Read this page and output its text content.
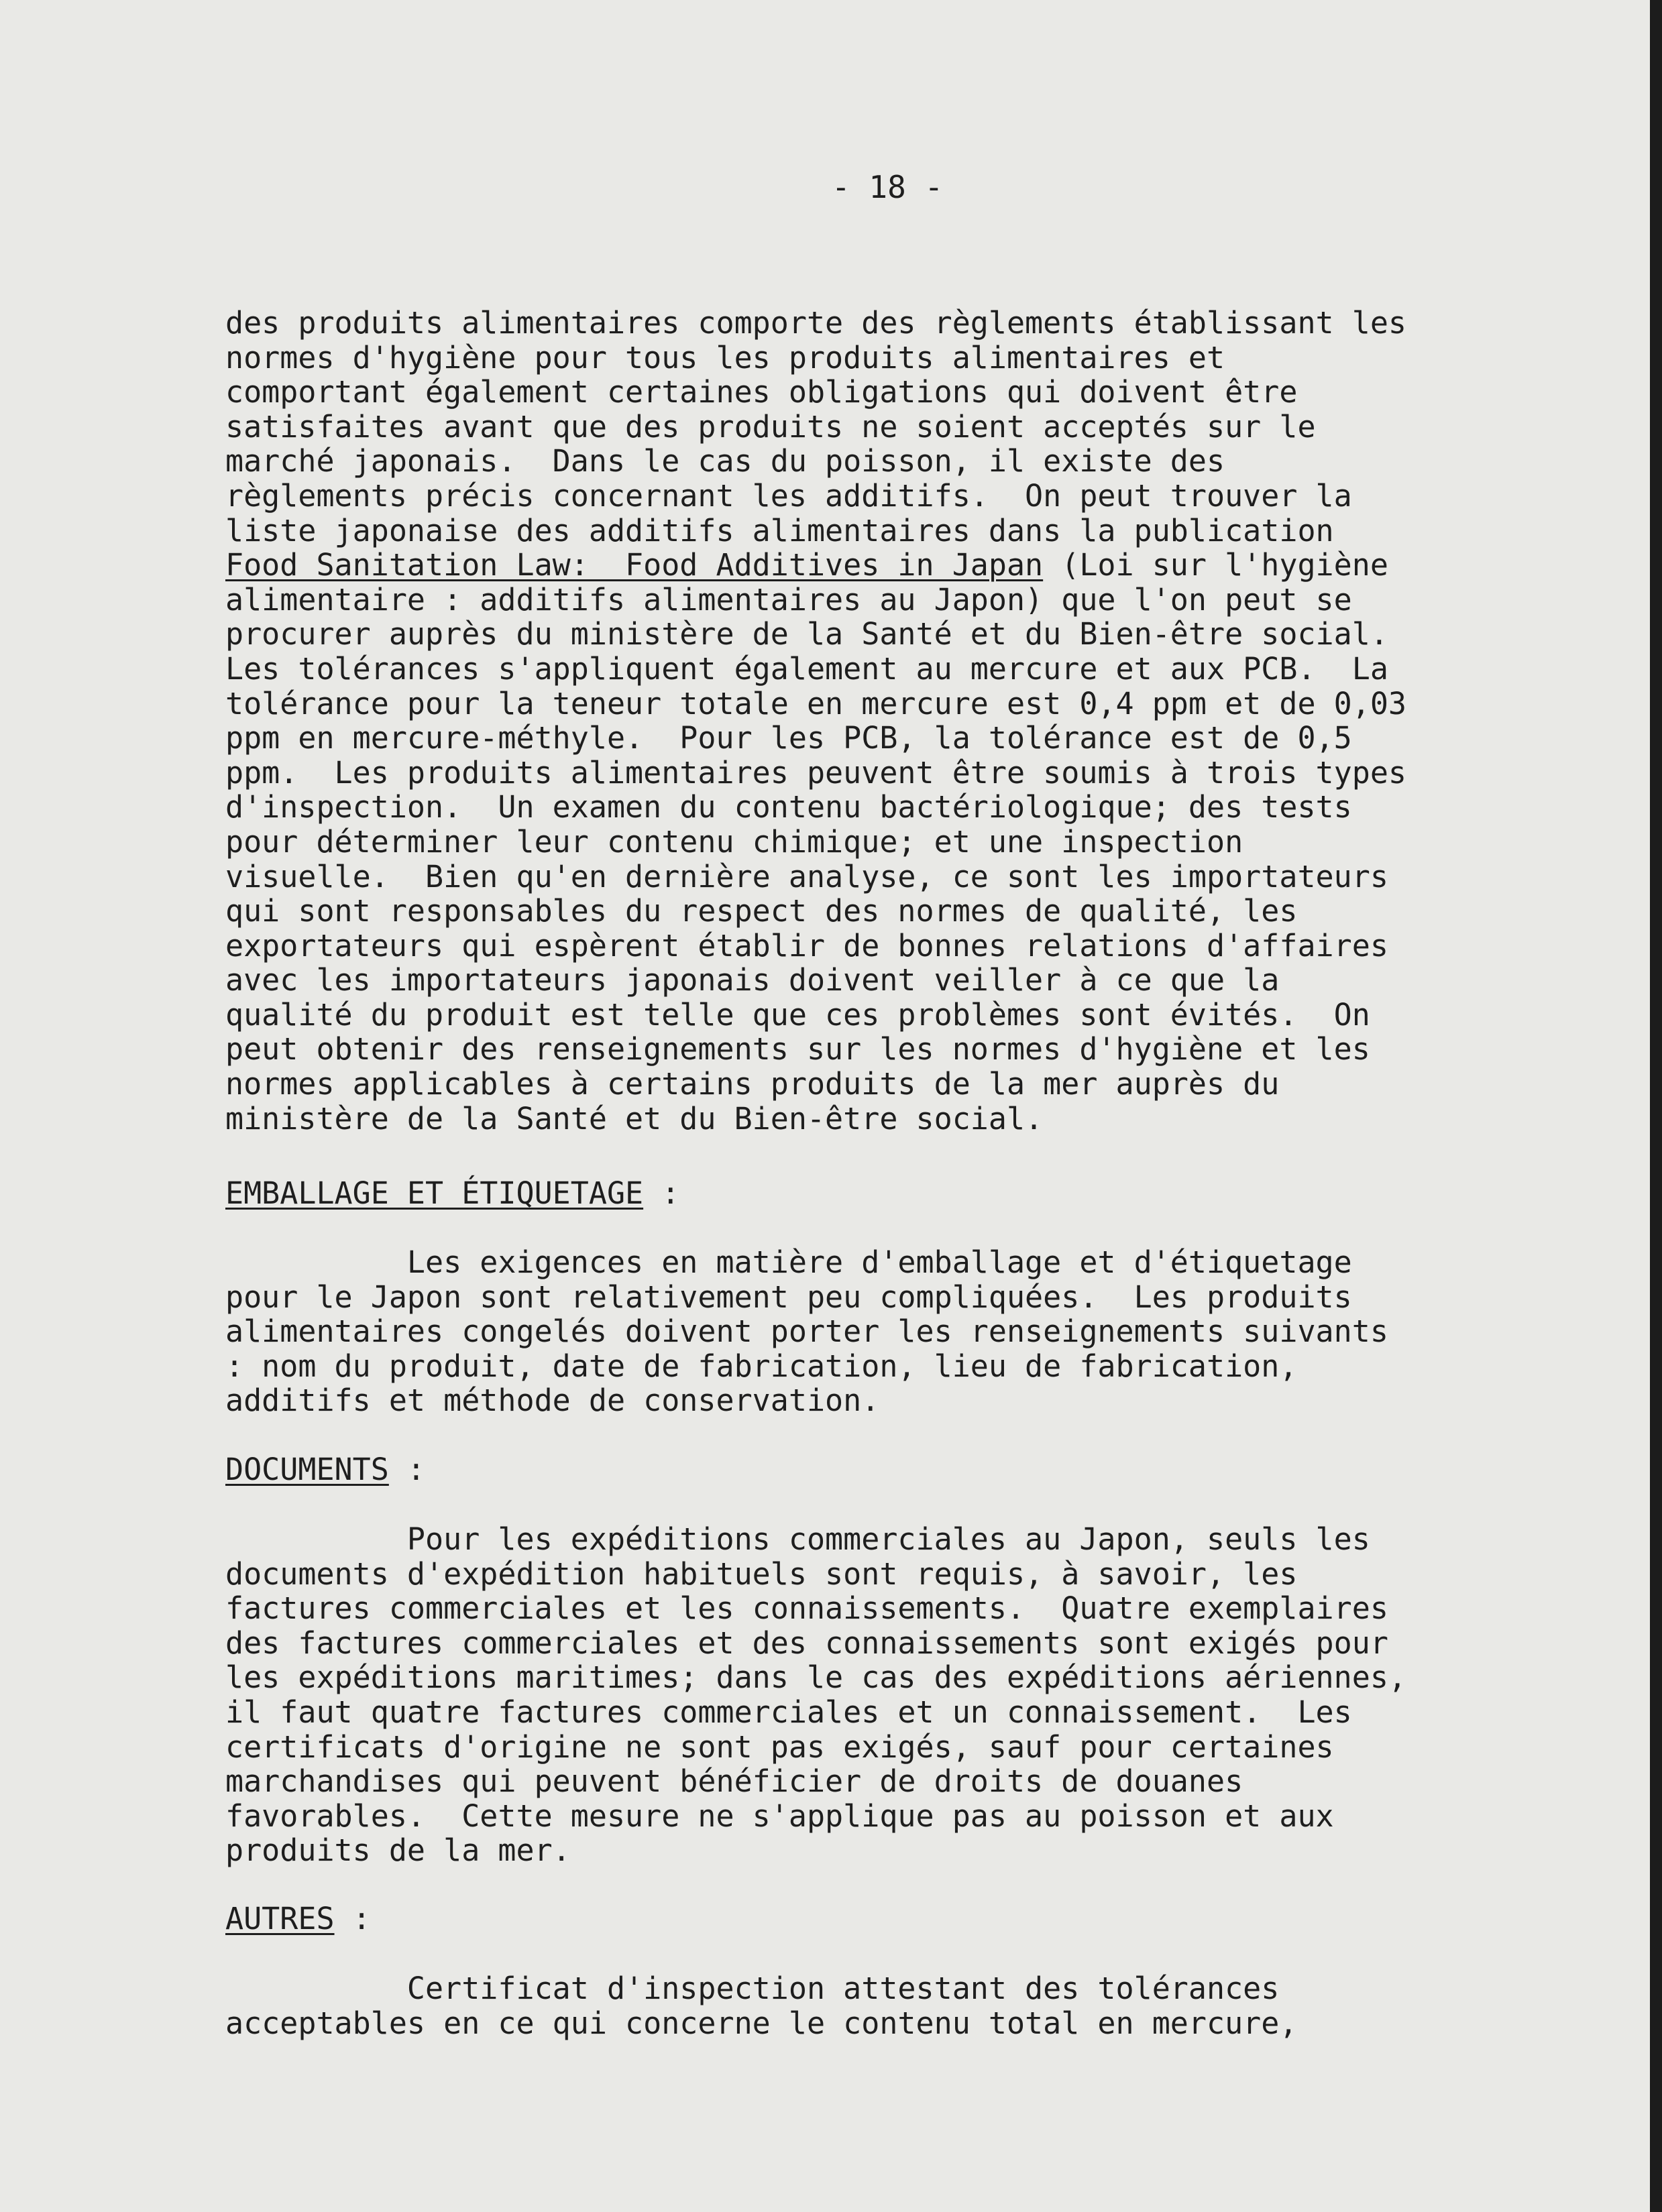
- 18 -

des produits alimentaires comporte des règlements établissant les
normes d'hygiène pour tous les produits alimentaires et
comportant également certaines obligations qui doivent être
satisfaites avant que des produits ne soient acceptés sur le
marché japonais.  Dans le cas du poisson, il existe des
règlements précis concernant les additifs.  On peut trouver la
liste japonaise des additifs alimentaires dans la publication
Food Sanitation Law:  Food Additives in Japan (Loi sur l'hygiène
alimentaire : additifs alimentaires au Japon) que l'on peut se
procurer auprès du ministère de la Santé et du Bien-être social.
Les tolérances s'appliquent également au mercure et aux PCB.  La
tolérance pour la teneur totale en mercure est 0,4 ppm et de 0,03
ppm en mercure-méthyle.  Pour les PCB, la tolérance est de 0,5
ppm.  Les produits alimentaires peuvent être soumis à trois types
d'inspection.  Un examen du contenu bactériologique; des tests
pour déterminer leur contenu chimique; et une inspection
visuelle.  Bien qu'en dernière analyse, ce sont les importateurs
qui sont responsables du respect des normes de qualité, les
exportateurs qui espèrent établir de bonnes relations d'affaires
avec les importateurs japonais doivent veiller à ce que la
qualité du produit est telle que ces problèmes sont évités.  On
peut obtenir des renseignements sur les normes d'hygiène et les
normes applicables à certains produits de la mer auprès du
ministère de la Santé et du Bien-être social.

EMBALLAGE ET ÉTIQUETAGE :

Les exigences en matière d'emballage et d'étiquetage
pour le Japon sont relativement peu compliquées.  Les produits
alimentaires congelés doivent porter les renseignements suivants
: nom du produit, date de fabrication, lieu de fabrication,
additifs et méthode de conservation.

DOCUMENTS :

Pour les expéditions commerciales au Japon, seuls les
documents d'expédition habituels sont requis, à savoir, les
factures commerciales et les connaissements.  Quatre exemplaires
des factures commerciales et des connaissements sont exigés pour
les expéditions maritimes; dans le cas des expéditions aériennes,
il faut quatre factures commerciales et un connaissement.  Les
certificats d'origine ne sont pas exigés, sauf pour certaines
marchandises qui peuvent bénéficier de droits de douanes
favorables.  Cette mesure ne s'applique pas au poisson et aux
produits de la mer.

AUTRES :

Certificat d'inspection attestant des tolérances
acceptables en ce qui concerne le contenu total en mercure,
